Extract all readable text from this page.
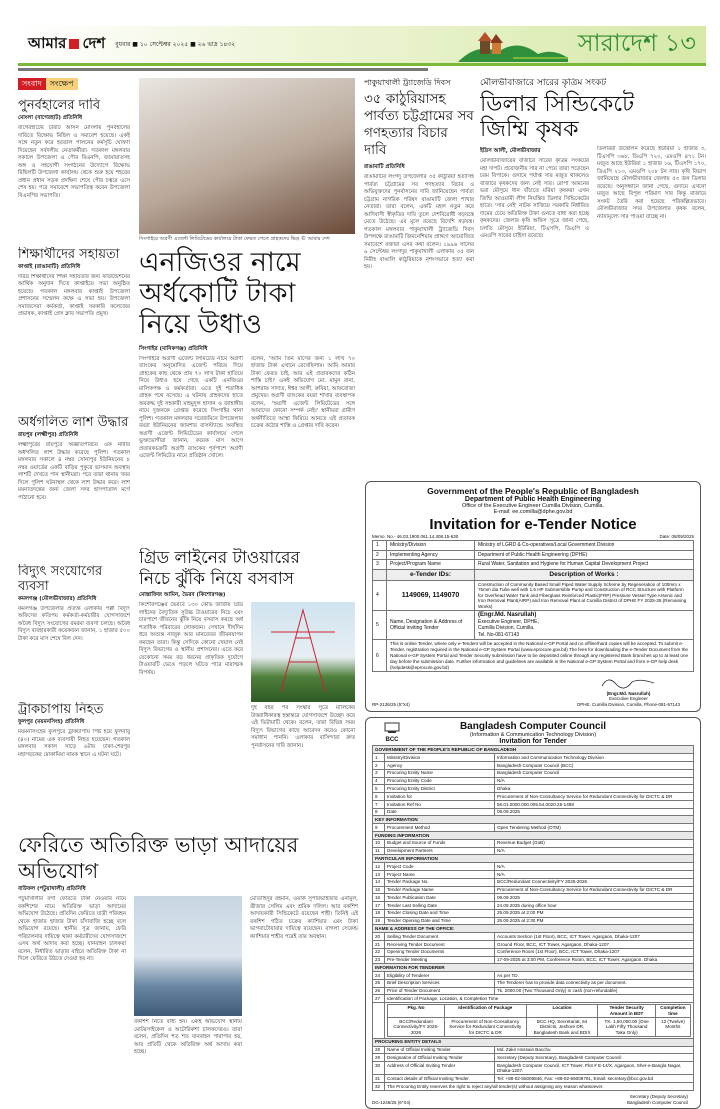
আমার দেশ বুধবার ■ ১০ সেপ্টেম্বর ২০২৫ ■ ২৬ ভাদ্র ১৪৩২	সারাদেশ ১৩
সংবাদ সংক্ষেপ
পুনর্বহালের দাবি
মোংলা (বাগেরহাট) প্রতিনিধি
বাগেরহাটের চারটি আসন মোংলায় পুনর্বহালের দাবিতে বিক্ষোভ মিছিল ও সমাবেশ হয়েছে। একই সঙ্গে নতুন করে হরতাল পালনের কর্মসূচি ঘোষণা দিয়েছেন সর্বদলীয় নেতাকর্মীরা। গতকাল মঙ্গলবার সকালে উপজেলা ও পৌর বিএনপি, জামায়াতসহ অঙ্গ ও সহযোগী সংগঠনের উদ্যোগে বিক্ষোভ মিছিলটি উপজেলা কার্যালয় থেকে শুরু হয়ে শহরের প্রধান প্রধান সড়ক প্রদক্ষিণ শেষে পৌর চত্বরে এসে শেষ হয়। পরে সমাবেশে সভাপতিত্ব করেন উপজেলা বিএনপির সভাপতি।
শিক্ষার্থীদের সহায়তা
কাপ্তাই (রাঙামাটি) প্রতিনিধি
দরিদ্র শিক্ষার্থীদের শিক্ষা সহায়তার জন্য ফাউন্ডেশনের আর্থিক অনুদান দিতে কাপ্তাইয়ে সভা অনুষ্ঠিত হয়েছে। গতকাল মঙ্গলবার কাপ্তাই উপজেলা প্রশাসনের সম্মেলন কক্ষে এ সভা হয়। উপজেলা সমাজসেবা কর্মকর্তা, কাপ্তাই সরকারি কলেজের প্রভাষক, কাপ্তাই প্রেস ক্লাব সভাপতি প্রমুখ।
অর্ধগলিত লাশ উদ্ধার
রায়পুর (লক্ষ্মীপুর) প্রতিনিধি
লক্ষ্মীপুরের রায়পুরে অজ্ঞাতপরিচয় এক নারীর অর্ধগলিত লাশ উদ্ধার করেছে পুলিশ। গতকাল মঙ্গলবার সকালে ৪ নম্বর সোনাপুর ইউনিয়নের ৮ নম্বর ওয়ার্ডের একটি বাড়ির পুকুরে ভাসমান অবস্থায় লাশটি দেখতে পান স্থানীয়রা। পরে তারা থানায় খবর দিলে পুলিশ ঘটনাস্থল থেকে লাশ উদ্ধার করে। লাশ ময়নাতদন্তের জন্য জেলা সদর হাসপাতাল মর্গে পাঠানো হবে।
বিদ্যুৎ সংযোগের ব্যবসা
কমলগঞ্জ (মৌলভীবাজার) প্রতিনিধি
কমলগঞ্জ উপজেলার প্রত্যন্ত এলাকায় পল্লী বিদ্যুৎ অফিসের কতিপয় কর্মকর্তা-কর্মচারীর যোগসাজশে অবৈধ বিদ্যুৎ সংযোগের রমরমা ব্যবসা চলছে। অবৈধ বিদ্যুৎ ব্যবহারকারী কয়েকজন জানান, ১ হাজার ৫০০ টাকা করে মাস শেষে বিল দেন।
ট্রাকচাপায় নিহত
ফুলপুর (ময়মনসিংহ) প্রতিনিধি
ময়মনসিংহের ফুলপুরে ট্রাকচাপায় পিষ্ট হয়ে ফুলবাবু (৪০) নামের এক ব্যবসায়ী নিহত হয়েছেন। গতকাল মঙ্গলবার সকাল সাড়ে ৬টায় ঢাকা-শেরপুর মহাসড়কের মোকামিয়া নামক স্থানে এ ঘটনা ঘটে।
সিংগাইরে অগ্রণী এজেন্ট লিমিটেডের কার্যালয়ে টাকা ফেরত পেতে গ্রাহকদের ভিড় © আমার দেশ
এনজিওর নামে
অর্ধকোটি টাকা
নিয়ে উধাও
সিংগাইর (মানিকগঞ্জ) প্রতিনিধি
সিংগাইরে অগ্রণী এজেন্ট লিমিটেড নামে অগ্রণী ব্যাংকের অনুমোদিত এজেন্ট পরিচয় দিয়ে গ্রাহকের কাছ থেকে প্রায় ৭০ লাখ টাকা হাতিয়ে নিয়ে উধাও হয়ে গেছে একটি এনজিওর মালিকপক্ষ ও কর্মকর্তারা। এতে দুই শতাধিক গ্রাহক পথে বসেছে। এ ঘটনায় গ্রাহকদের হাতে অবরুদ্ধ দুই সহকারী মাহমুদুল হাসান ও জাহাঙ্গীর নামে দুজনকে গ্রেপ্তার করেছে সিংগাইর থানা পুলিশ। গতকাল মঙ্গলবার সরেজমিনে উপজেলার বয়রা ইউনিয়নের জামশার বাসস্ট্যান্ডে অবস্থিত অগ্রণী এজেন্ট লিমিটেডের কার্যালয়ে গেলে ভুক্তভোগীরা জানান, কয়েক মাস আগে প্রতারকচক্রটি অগ্রণী ব্যাংকের পূর্বপাশে অগ্রণী এজেন্ট লিমিটেড নামে প্রতিষ্ঠান খোলে।
বলেন, 'আমি তিন মাসের জন্য ১ লাখ ৭০ হাজার টাকা এখানে রেখেছিলাম। আমি আমার টাকা ফেরত চাই, আর এই প্রতারকদের কঠিন শাস্তি চাই।' একই অভিযোগ মো. মামুন রানা, আশরাফ সাদাত, ঈশ্বর আলী, রুবিয়া, আফরোজা প্রমুখের। অগ্রণী ব্যাংকের বয়রা শাখার ব্যবস্থাপক বলেন, 'অগ্রণী এজেন্ট লিমিটেডের সঙ্গে আমাদের কোনো সম্পর্ক নেই।' স্থানীয়রা গ্রামীণ অর্থনীতিতে আস্থা ফিরিয়ে আনতে এই প্রতারক চক্রের কঠোর শাস্তি ও গ্রেপ্তার দাবি করেন।
গ্রিড লাইনের টাওয়ারের
নিচে ঝুঁকি নিয়ে বসবাস
মোস্তাফিজ আমিন, ভৈরব (কিশোরগঞ্জ)
কিশোরগঞ্জের ভৈরবে ১৩০ কেভি জাতীয় গ্রিড লাইনের বৈদ্যুতিক সুউচ্চ টাওয়ারের নিচে এবং চারপাশে জীবনের ঝুঁকি নিয়ে বসবাস করছে অর্ধ শতাধিক পরিবারের লোকজন। সেখানে দীর্ঘদিন ধরে অত্যন্ত নাজুক আর মানবেতর জীবনযাপন করছেন তারা। কিন্তু সেদিকে কোনো খেয়াল নেই বিদ্যুৎ বিভাগের ও স্থানীয় প্রশাসনের। এতে করে যেকোনো সময় বড় ধরনের প্রাকৃতিক দুর্যোগে টাওয়ারটি ভেঙে পড়লে ঘটতে পারে মারাত্মক বিপর্যয়।
দুই বছর পর সংস্কার সূত্রে মালিকের উত্তরাধিকারত্ব হস্তান্তরে যোগসাজশে উচ্ছেদ করে এই ভিটামাটি থেকে। বলেন, তারা বিভিন্ন সময় বিদ্যুৎ বিভাগের কাছে আবেদন করেও কোনো সমাধান পাননি। এলাকার বাসিন্দারা দ্রুত পুনর্বাসনের দাবি জানান।
ফেরিতে অতিরিক্ত ভাড়া আদায়ের অভিযোগ
বাউফল (পটুয়াখালী) প্রতিনিধি
পটুয়াখালীর বগা ফেরিতে টাকা নেওয়ার নামে বকশিশের নামে অতিরিক্ত ভাড়া আদায়ের অভিযোগ উঠেছে। প্রতিদিন ফেরিতে যাত্রী পরিবহন থেকে হাজার হাজার টাকা চাঁদাবাজি হচ্ছে বলে অভিযোগ রয়েছে। স্থানীয় সূত্র জানায়, ফেরি পরিচালনার দায়িত্বে থাকা কর্মচারীদের যোগসাজশে এসব অর্থ আদায় করা হচ্ছে। যানবাহন চালকরা বলেন, নির্ধারিত ভাড়ার বাইরে অতিরিক্ত টাকা না দিলে ফেরিতে উঠতে দেওয়া হয় না।
বকশিশ নিতে বাধ্য হন। একই অভিযোগ স্থানীয় মোটরসাইকেল ও অটোরিকশা চালকদেরও। তারা বলেন, প্রতিদিন শত শত যানবাহন পারাপার হয়, আর প্রতিটি থেকে অতিরিক্ত অর্থ আদায় করা হচ্ছে।
মোতাহিদুর রহমান, ওয়ার্ক সুপারভাইজার এনামুল, খ্রীজার সেলিম এবং শ্রমিক দলিল। আর বকশিশ আদায়কারী সিন্ডিকেটে রয়েছেন শাহী। তিনিই এই বকশিশ গঠিত চক্রের ক্যাশিয়ার এবং টাকা ভাগবাটোয়ারার দায়িত্বে রয়েছেন। বাগলা সেকেন্ড ক্যাশিয়ার শাহীর পরেই তার অবস্থান।
পাকুয়াখালী ট্র্যাজেডি দিবস
৩৫ কাঠুরিয়াসহ পার্বত্য চট্টগ্রামের সব গণহত্যার বিচার দাবি
রাঙামাটি প্রতিনিধি
রাঙামাটির লংগদু উপজেলার ৩৫ কাঠুরিয়া হত্যাসহ পার্বত্য চট্টগ্রামের সব গণহত্যার বিচার ও অভিযুক্তদের পুনর্বাসনের দাবি জানিয়েছেন পার্বত্য চট্টগ্রাম নাগরিক পরিষদ রাঙামাটি জেলা শাখার নেতারা। তারা বলেন, একটি মহল নতুন করে আদিবাসী স্বীকৃতির দাবি তুলে দেশবিরোধী ষড়যন্ত্রে মেতে উঠেছে। এর মূলে রয়েছে বিদেশি ষড়যন্ত্র। গতকাল মঙ্গলবার পাকুয়াখালী ট্র্যাজেডি দিবস উপলক্ষে রাঙামাটি জিমনেশিয়াম প্রাঙ্গণে আয়োজিত সমাবেশে বক্তারা এসব কথা বলেন। ১৯৯৬ সালের ৯ সেপ্টেম্বর লংগদুর পাকুয়াখালী এলাকায় ৩৫ জন নিরীহ বাঙালি কাঠুরিয়াকে নৃশংসভাবে হত্যা করা হয়।
মৌলভীবাজারে সারের কৃত্রিম সংকট
ডিলার সিন্ডিকেটে
জিম্মি কৃষক
ইদ্রিস আলী, মৌলভীবাজার
মৌলভীবাজারের বাজারে সারের কৃত্রিম সংকটের মহা দাপট। প্রয়োজনীয় সার না পেয়ে তারা পড়েছেন চরম বিপাকে। গুদামে পর্যাপ্ত সার মজুত থাকলেও বাজারে কৃষকদের জন্য নেই সার। রোপা আমনের ভরা মৌসুমে ধান বাঁচাতে মরিয়া কৃষকরা এখন জিম্মি আওয়ামী লীগ নিয়ন্ত্রিত ডিলার সিন্ডিকেটের হাতে। 'সার নেই' নাটক সাজিয়ে সরকারি নির্ধারিত দামের চেয়ে অতিরিক্ত টাকা গুনতে বাধ্য করা হচ্ছে কৃষকদের। জেলার কৃষি অফিস সূত্রে জানা গেছে, চলতি মৌসুমে ইউরিয়া, টিএসপি, ডিএপি ও এমওপি সারের চাহিদা রয়েছে।
ডিলাররা উত্তোলন করেছে ইউরিয়া ১ হাজার ৩, টিএসপি ৩৬৮, ডিএপি ৭২০, এমওপি ৪৭১ টন। মজুত আছে ইউরিয়া ১ হাজার ১৬, টিএসপি ১৭০, ডিএপি ২১৩, এমওপি ২০৮ টন সার। কৃষি বিভাগ জানিয়েছে মৌলভীবাজার জেলায় ৫৩ জন ডিলার রয়েছে। অনুসন্ধানে জানা গেছে, গুদামে এখনো মজুত আছে বিপুল পরিমাণ সার কিন্তু বাজারে সংকট তৈরি করা হয়েছে পরিকল্পিতভাবে। মৌলভীবাজার সদর উপজেলার কৃষক বলেন, ন্যায্যমূল্যে সার পাওয়া যাচ্ছে না।
Government of the People's Republic of Bangladesh
Department of Public Health Engineering
Office of the Executive Engineer Cumilla Division, Cumilla.
E-mail: ee.comilla@dphe.gov.bd
Invitation for e-Tender Notice
Memo. No.- 46.03.1900.061.14.408.15-630	Date: 08/09/2025
1	Ministry/Division	Ministry of LGRD & Co-operatives/Local Government Division
2	Implementing Agency	Department of Public Health Engineering (DPHE)
3	Project/Program Name	Rural Water, Sanitation and Hygiene for Human Capital Development Project
	e-Tender IDs:	Description of Works :
4	1149069, 1149070	Construction of Community Based Small Piped Water Supply Scheme by Regeneration of 100mm x 75mm dia Tube well with 1.5 HP Submersible Pump and Construction of RCC Structure with Platform for Overhead Water Tank and Fiberglass Reinforced Plastic(FRP) Pressure Vessel Type Arsenic and Iron Removal Plant(AIRP) and Iron Removal Plant at Cumilla District of DPHE FY 2025-26.(Remaining Works)
5	Name, Designation & Address of Official inviting Tender	(Engr.Md. Nasrullah)
Executive Engineer, DPHE,
Cumilla Division, Cumilla.
Tel. No-081-67143
6	This is online Tender, where only e-Tenders will be accepted in the National e-GP Portal and no offline/hard copies will be accepted. To submit e-Tender, registration required in the National e-GP System Portal (www.eprocure.gov.bd) The fees for downloading the e-Tender Document from the National e-GP System Portal and Tender Security submission have to be deposited online through any registered Bank branches up to at least one day before the submission date. Further information and guidelines are available in the National e-GP System Portal and from e-GP help desk (helpdesk@eprocure.gov.bd)	
RP-2136/25 (5"X4)
(Engr.Md. Nasrullah)
Executive Engineer
DPHE, Cumilla Division, Cumilla, Phone-081-67143
BCC
Bangladesh Computer Council
(Information & Communication Technology Division)
Invitation for Tender
GOVERNMENT OF THE PEOPLE'S REPUBLIC OF BANGLADESH
1	Ministry/Division	Information and Communication Technology Division
2	Agency	Bangladesh Computer Council (BCC)
3	Procuring Entity Name	Bangladesh Computer Council
4	Procuring Entity Code	N/A
5	Procuring Entity District	Dhaka
6	Invitation for	Procurement of Non-Consultancy Service for Redundant Connectivity for DICTC & DR
7	Invitation Ref No	56.01.0000.000.005.54.0020.25-1488
8	Date	09.09.2025
KEY INFORMATION
9	Procurement Method	Open Tendering Method (OTM)
FUNDING INFORMATION
10	Budget and Source of Funds	Revenue Budget (GoB)
11	Development Partners	N/A
PARTICULAR INFORMATION
12	Project Code	N/A
13	Project Name	N/A
14	Tender Package No.	BCC/Redundant Connectivity/FY 2025-2026
15	Tender Package Name	Procurement of Non-Consultancy Service for Redundant Connectivity for DICTC & DR
16	Tender Publication Date	09.09.2025
17	Tender Last Selling Date	24.09.2025 during office hour
18	Tender Closing Date and Time	25.09.2025 at 2:00 PM
19	Tender Opening Date and Time	25.09.2025 at 2:30 PM
NAME & ADDRESS OF THE OFFICE:
20	Selling Tender Document	Accounts Section (1st Floor), BCC, ICT Tower, Agargaon, Dhaka-1207
21	Receiving Tender Document	Ground Floor, BCC, ICT Tower, Agargaon, Dhaka-1207
22	Opening Tender Documents	Conference Room (1st Floor), BCC, ICT Tower, Dhaka-1207
23	Pre-Tender Meeting	17-09-2025 at 3:00 PM, Conference Room, BCC, ICT Tower, Agargaon, Dhaka
INFORMATION FOR TENDERER
24	Eligibility of Tenderer	As per TD.
25	Brief Description Services	The Tenderer has to provide data connectivity as per document.
26	Price of Tender Document	Tk. 2000.00 (Two Thousand Only) in cash (non-refundable)
27	Identification of Package, Location, & Completion Time

Pkg. No	Identification of Package	Location	Tender Security Amount in BDT	Completion time
BCC/Redundant Connectivity/FY 2025-2026	Procurement of Non-Consultancy Service for Redundant Connectivity for DICTC & DR	BCC HQ, Secretariat, 64 Districts, Jeshore DR, Bangladesh Bank and BDIX	TK. 1,50,000.00 (One Lakh Fifty Thousand Taka Only)	12 (Twelve) Months

PROCURING ENTITY DETAILS
28	Name of Official Inviting Tender	Md. Zakir Hossain Bacchu
29	Designation of Official Inviting Tender	Secretary (Deputy Secretary), Bangladesh Computer Council
30	Address of Official Inviting Tender	Bangladesh Computer Council, ICT Tower, Plot # E-14/X, Agargaon, Sher-e-Bangla Nagar, Dhaka-1207.
31	Contact details of Official Inviting Tender	Tel: +88-02-55006846, Fax: +88-02-55006791, Email: secretary@bcc.gov.bd
32	The Procuring Entity reserves the right to reject any/all tender(s) without assigning any reason whatsoever.
DG-1246/25 (6"X4)
Secretary (Deputy Secretary)
Bangladesh Computer Council
